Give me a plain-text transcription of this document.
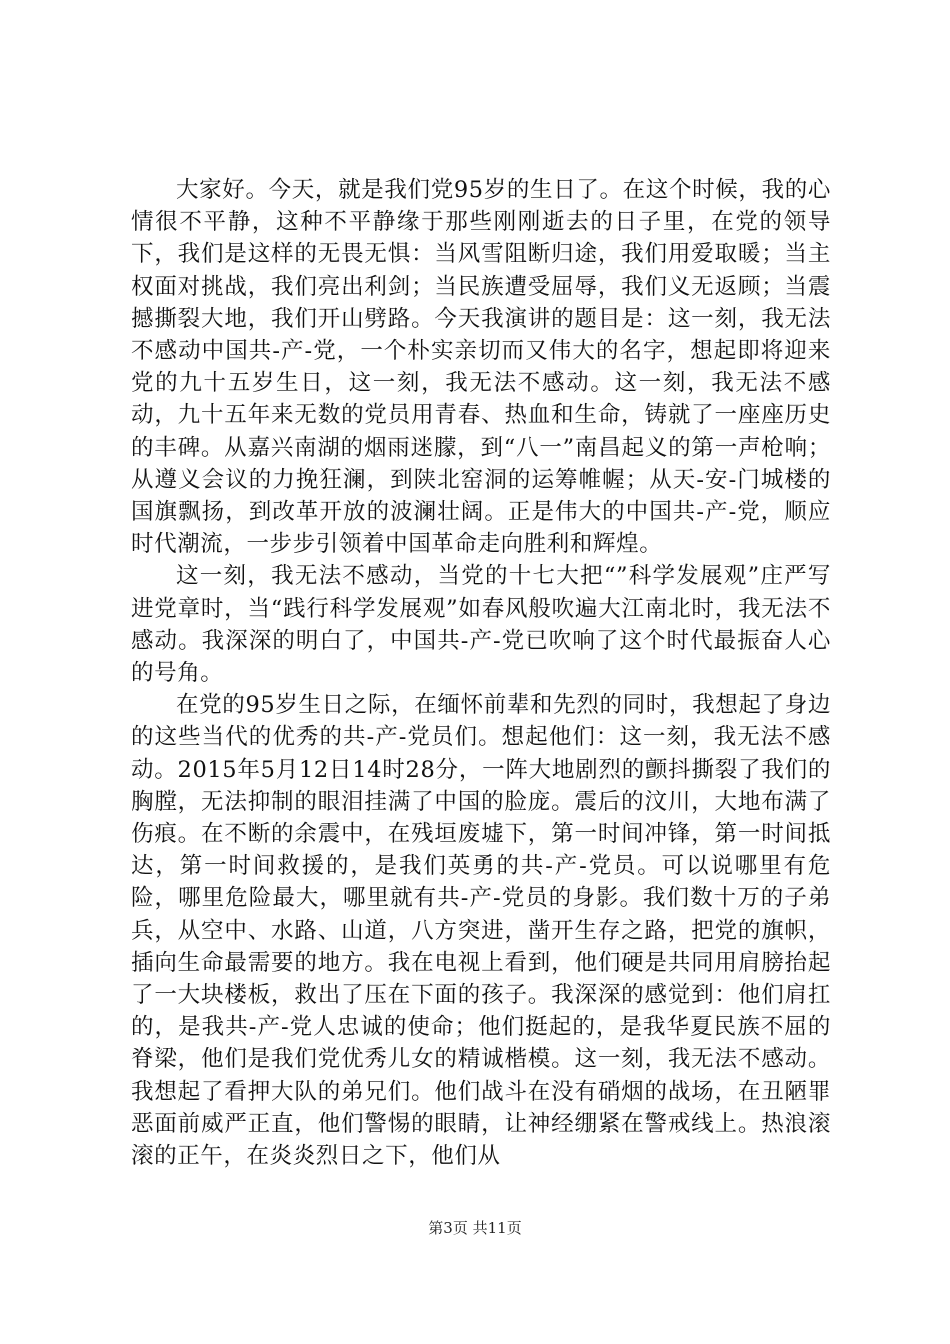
大家好。今天，就是我们党95岁的生日了。在这个时候，我的心情很不平静，这种不平静缘于那些刚刚逝去的日子里，在党的领导下，我们是这样的无畏无惧：当风雪阻断归途，我们用爱取暖；当主权面对挑战，我们亮出利剑；当民族遭受屈辱，我们义无返顾；当震撼撕裂大地，我们开山劈路。今天我演讲的题目是：这一刻，我无法不感动中国共-产-党，一个朴实亲切而又伟大的名字，想起即将迎来党的九十五岁生日，这一刻，我无法不感动。这一刻，我无法不感动，九十五年来无数的党员用青春、热血和生命，铸就了一座座历史的丰碑。从嘉兴南湖的烟雨迷朦，到“八一”南昌起义的第一声枪响；从遵义会议的力挽狂澜，到陕北窑洞的运筹帷幄；从天-安-门城楼的国旗飘扬，到改革开放的波澜壮阔。正是伟大的中国共-产-党，顺应时代潮流，一步步引领着中国革命走向胜利和辉煌。

这一刻，我无法不感动，当党的十七大把“”科学发展观”庄严写进党章时，当“践行科学发展观”如春风般吹遍大江南北时，我无法不感动。我深深的明白了，中国共-产-党已吹响了这个时代最振奋人心的号角。

在党的95岁生日之际，在缅怀前辈和先烈的同时，我想起了身边的这些当代的优秀的共-产-党员们。想起他们：这一刻，我无法不感动。2015年5月12日14时28分，一阵大地剧烈的颤抖撕裂了我们的胸膛，无法抑制的眼泪挂满了中国的脸庞。震后的汶川，大地布满了伤痕。在不断的余震中，在残垣废墟下，第一时间冲锋，第一时间抵达，第一时间救援的，是我们英勇的共-产-党员。可以说哪里有危险，哪里危险最大，哪里就有共-产-党员的身影。我们数十万的子弟兵，从空中、水路、山道，八方突进，凿开生存之路，把党的旗帜，插向生命最需要的地方。我在电视上看到，他们硬是共同用肩膀抬起了一大块楼板，救出了压在下面的孩子。我深深的感觉到：他们肩扛的，是我共-产-党人忠诚的使命；他们挺起的，是我华夏民族不屈的脊梁，他们是我们党优秀儿女的精诚楷模。这一刻，我无法不感动。我想起了看押大队的弟兄们。他们战斗在没有硝烟的战场，在丑陋罪恶面前威严正直，他们警惕的眼睛，让神经绷紧在警戒线上。热浪滚滚的正午，在炎炎烈日之下，他们从

第3页 共11页
